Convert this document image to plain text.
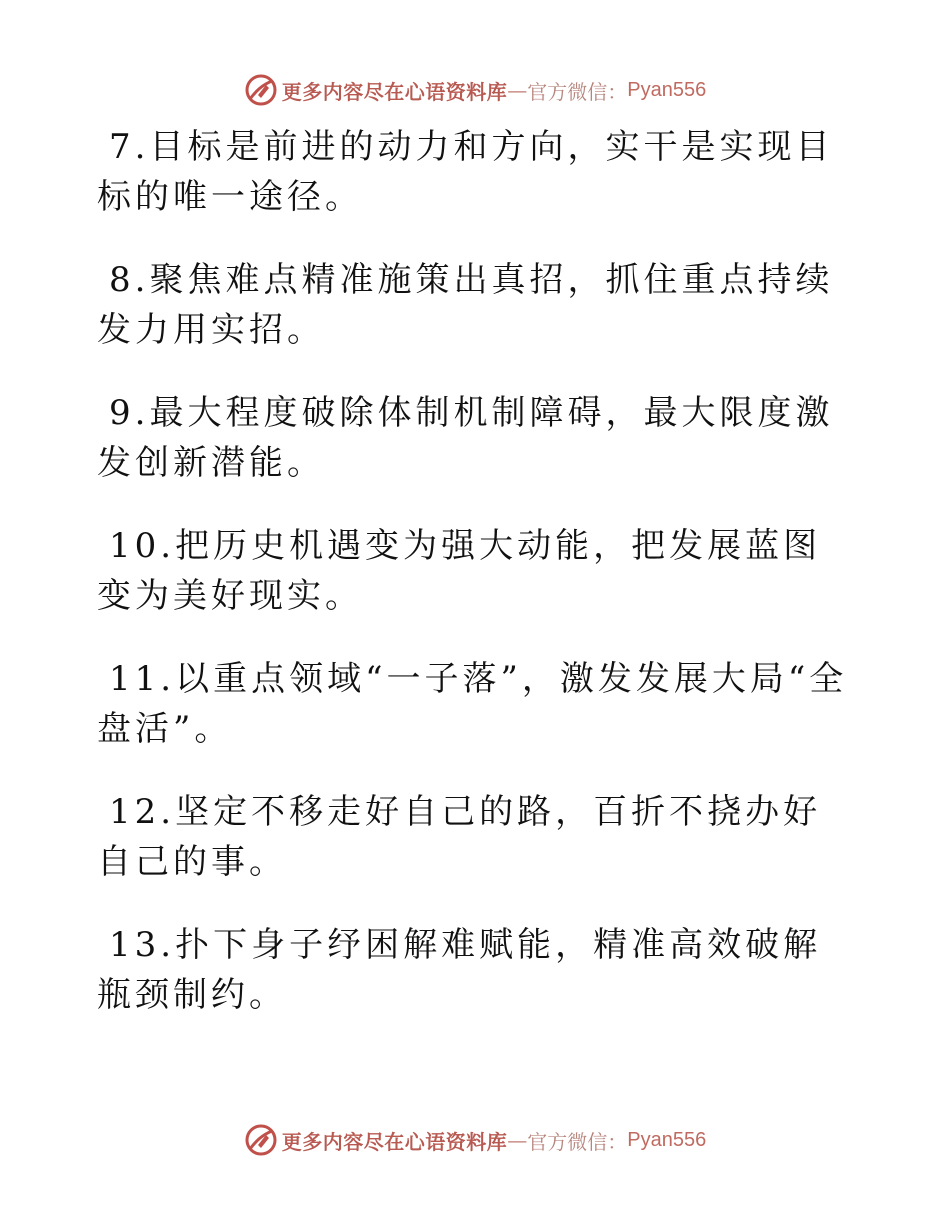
更多内容尽在心语资料库 — 官方微信： Pyan556

7.目标是前进的动力和方向，实干是实现目标的唯一途径。

8.聚焦难点精准施策出真招，抓住重点持续发力用实招。

9.最大程度破除体制机制障碍，最大限度激发创新潜能。

10.把历史机遇变为强大动能，把发展蓝图变为美好现实。

11.以重点领域“一子落”，激发发展大局“全盘活”。

12.坚定不移走好自己的路，百折不挠办好自己的事。

13.扑下身子纾困解难赋能，精准高效破解瓶颈制约。

更多内容尽在心语资料库 — 官方微信： Pyan556
